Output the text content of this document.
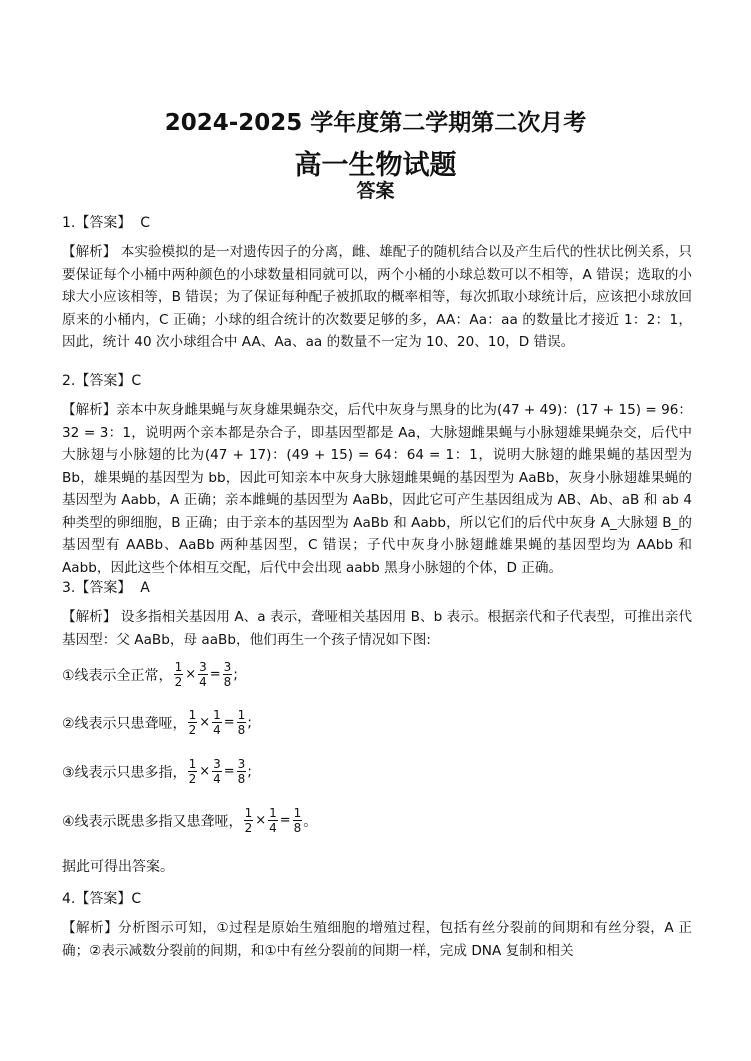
2024-2025 学年度第二学期第二次月考
高一生物试题
答案
1.【答案】  C
【解析】 本实验模拟的是一对遗传因子的分离，雌、雄配子的随机结合以及产生后代的性状比例关系，只要保证每个小桶中两种颜色的小球数量相同就可以，两个小桶的小球总数可以不相等，A 错误；选取的小球大小应该相等，B 错误；为了保证每种配子被抓取的概率相等，每次抓取小球统计后，应该把小球放回原来的小桶内，C 正确；小球的组合统计的次数要足够的多，AA：Aa：aa 的数量比才接近 1：2：1，因此，统计 40 次小球组合中 AA、Aa、aa 的数量不一定为 10、20、10，D 错误。
2.【答案】C
【解析】亲本中灰身雌果蝇与灰身雄果蝇杂交，后代中灰身与黑身的比为(47 + 49)：(17 + 15) = 96：32 = 3：1，说明两个亲本都是杂合子，即基因型都是 Aa，大脉翅雌果蝇与小脉翅雄果蝇杂交，后代中大脉翅与小脉翅的比为(47 + 17)：(49 + 15) = 64：64 = 1：1，说明大脉翅的雌果蝇的基因型为 Bb，雄果蝇的基因型为 bb，因此可知亲本中灰身大脉翅雌果蝇的基因型为 AaBb，灰身小脉翅雄果蝇的基因型为 Aabb，A 正确；亲本雌蝇的基因型为 AaBb，因此它可产生基因组成为 AB、Ab、aB 和 ab 4 种类型的卵细胞，B 正确；由于亲本的基因型为 AaBb 和 Aabb，所以它们的后代中灰身 A_大脉翅 B_的基因型有 AABb、AaBb 两种基因型，C 错误；子代中灰身小脉翅雌雄果蝇的基因型均为 AAbb 和 Aabb，因此这些个体相互交配，后代中会出现 aabb 黑身小脉翅的个体，D 正确。
3.【答案】  A
【解析】 设多指相关基因用 A、a 表示，聋哑相关基因用 B、b 表示。根据亲代和子代表型，可推出亲代基因型：父 AaBb，母 aaBb，他们再生一个孩子情况如下图:
①线表示全正常， $\frac{1}{2} \times \frac{3}{4} = \frac{3}{8}$ ;
②线表示只患聋哑， $\frac{1}{2} \times \frac{1}{4} = \frac{1}{8}$ ;
③线表示只患多指， $\frac{1}{2} \times \frac{3}{4} = \frac{3}{8}$ ;
④线表示既患多指又患聋哑， $\frac{1}{2} \times \frac{1}{4} = \frac{1}{8}$ 。
据此可得出答案。
4.【答案】C
【解析】分析图示可知，①过程是原始生殖细胞的增殖过程，包括有丝分裂前的间期和有丝分裂，A 正确；②表示减数分裂前的间期，和①中有丝分裂前的间期一样，完成 DNA 复制和相关
